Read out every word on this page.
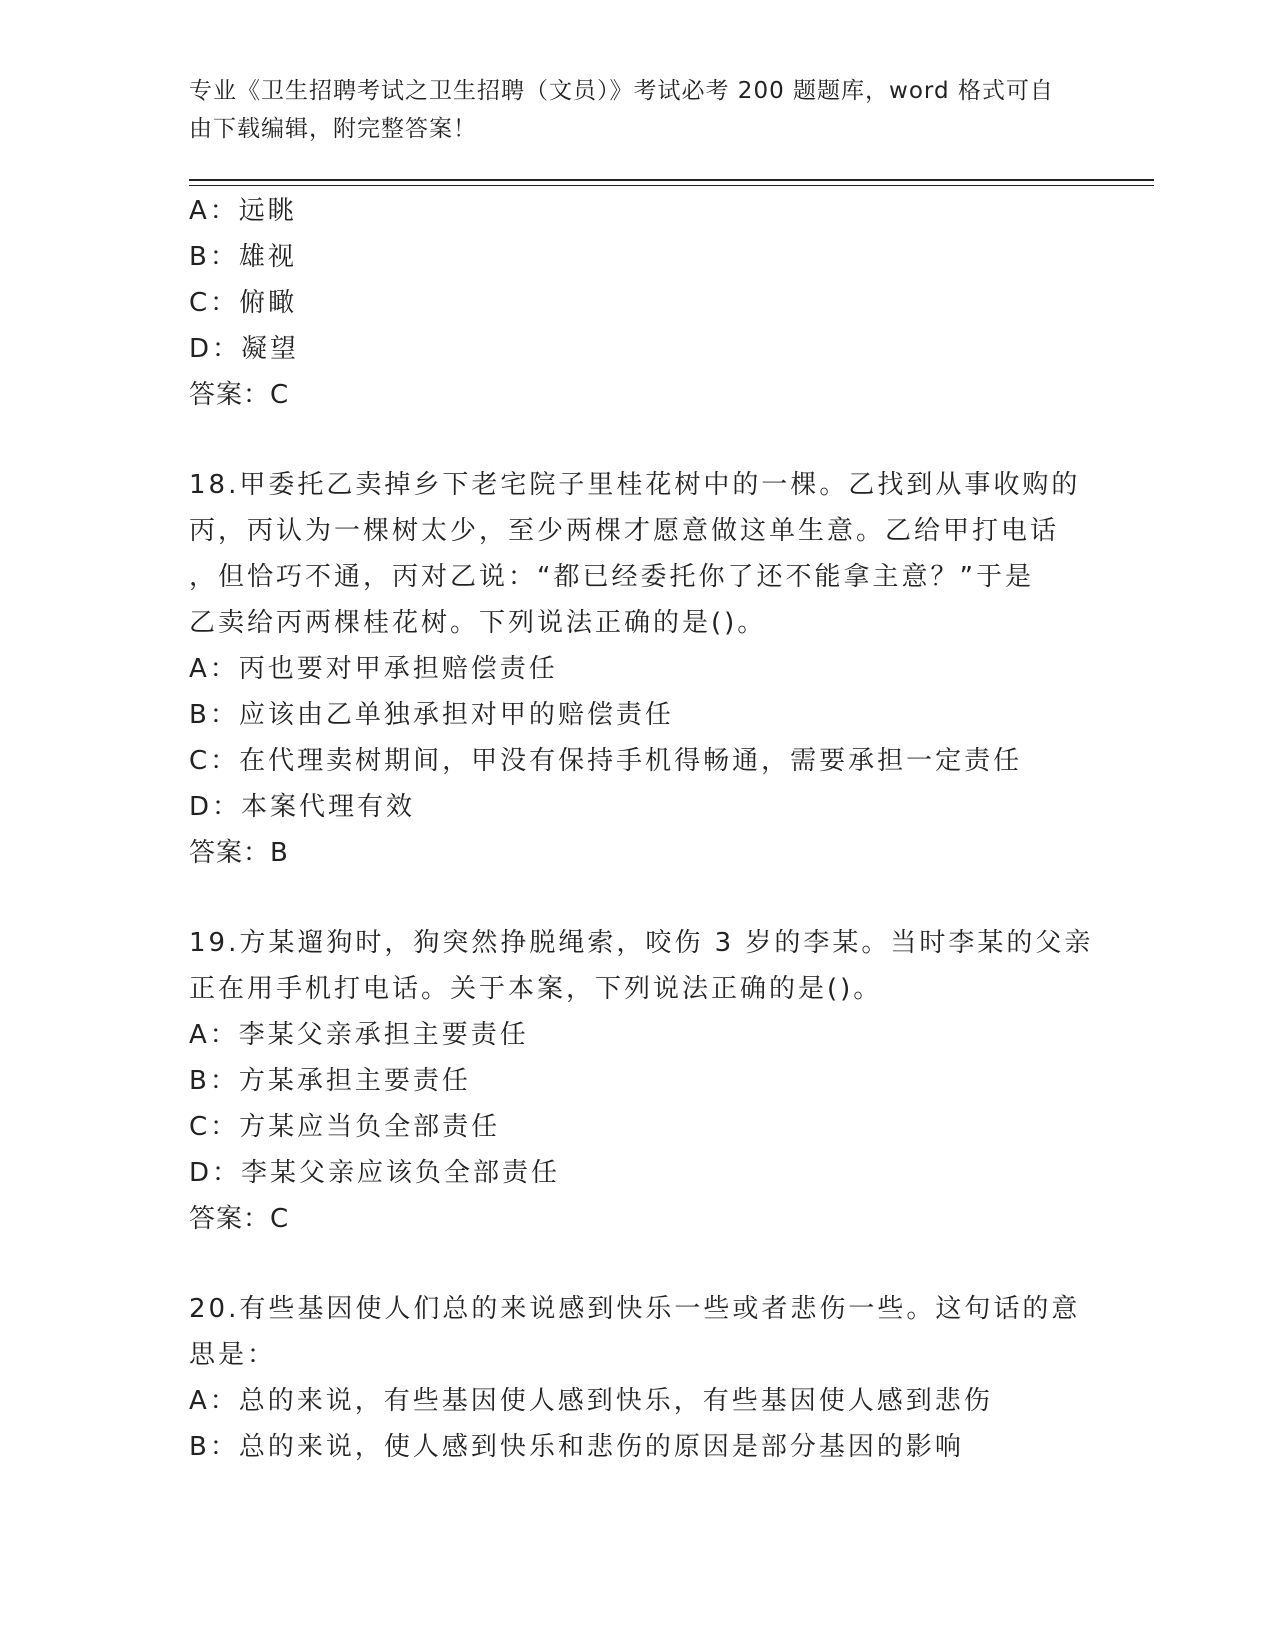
专业《卫生招聘考试之卫生招聘（文员）》考试必考 200 题题库，word 格式可自
由下载编辑，附完整答案！
A：远眺
B：雄视
C：俯瞰
D：凝望
答案：C
18.甲委托乙卖掉乡下老宅院子里桂花树中的一棵。乙找到从事收购的
丙，丙认为一棵树太少，至少两棵才愿意做这单生意。乙给甲打电话
，但恰巧不通，丙对乙说：“都已经委托你了还不能拿主意？”于是
乙卖给丙两棵桂花树。下列说法正确的是()。
A：丙也要对甲承担赔偿责任
B：应该由乙单独承担对甲的赔偿责任
C：在代理卖树期间，甲没有保持手机得畅通，需要承担一定责任
D：本案代理有效
答案：B
19.方某遛狗时，狗突然挣脱绳索，咬伤 3 岁的李某。当时李某的父亲
正在用手机打电话。关于本案，下列说法正确的是()。
A：李某父亲承担主要责任
B：方某承担主要责任
C：方某应当负全部责任
D：李某父亲应该负全部责任
答案：C
20.有些基因使人们总的来说感到快乐一些或者悲伤一些。这句话的意
思是：
A：总的来说，有些基因使人感到快乐，有些基因使人感到悲伤
B：总的来说，使人感到快乐和悲伤的原因是部分基因的影响
